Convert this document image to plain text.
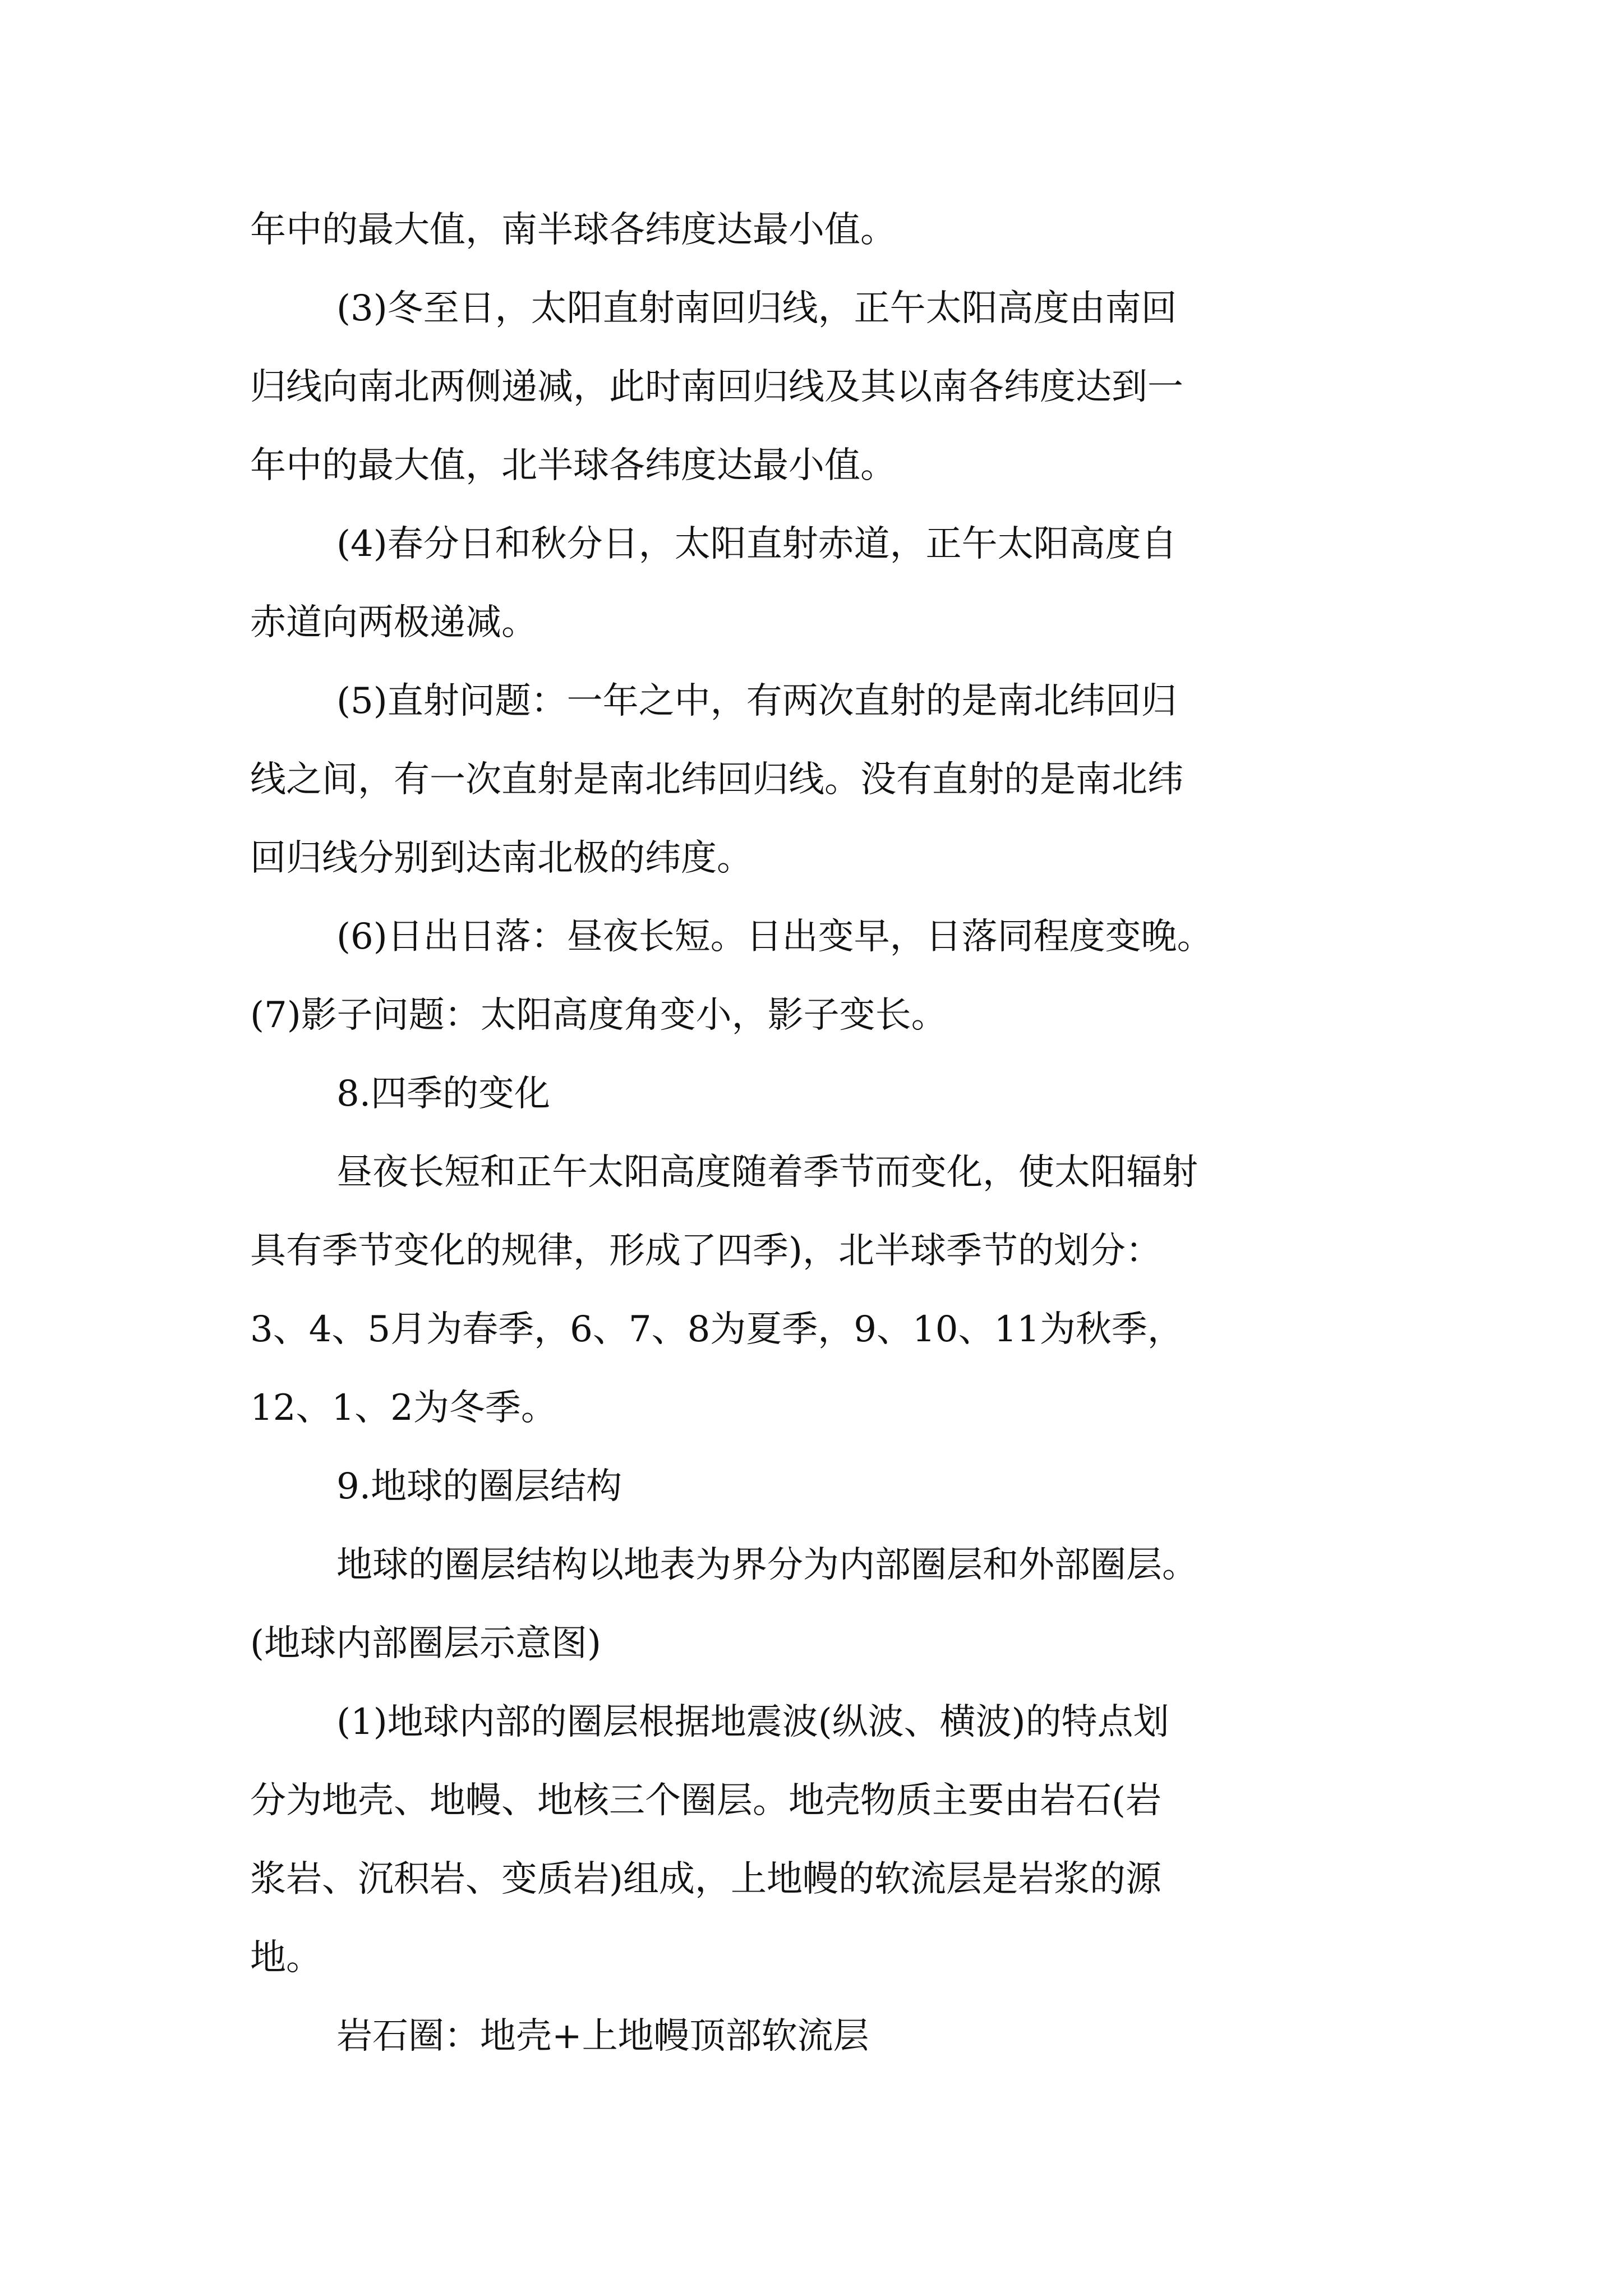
年中的最大值，南半球各纬度达最小值。
(3)冬至日，太阳直射南回归线，正午太阳高度由南回
归线向南北两侧递减，此时南回归线及其以南各纬度达到一
年中的最大值，北半球各纬度达最小值。
(4)春分日和秋分日，太阳直射赤道，正午太阳高度自
赤道向两极递减。
(5)直射问题：一年之中，有两次直射的是南北纬回归
线之间，有一次直射是南北纬回归线。没有直射的是南北纬
回归线分别到达南北极的纬度。
(6)日出日落：昼夜长短。日出变早，日落同程度变晚。
(7)影子问题：太阳高度角变小，影子变长。
8.四季的变化
昼夜长短和正午太阳高度随着季节而变化，使太阳辐射
具有季节变化的规律，形成了四季)，北半球季节的划分：
3、4、5月为春季，6、7、8为夏季，9、10、11为秋季，
12、1、2为冬季。
9.地球的圈层结构
地球的圈层结构以地表为界分为内部圈层和外部圈层。
(地球内部圈层示意图)
(1)地球内部的圈层根据地震波(纵波、横波)的特点划
分为地壳、地幔、地核三个圈层。地壳物质主要由岩石(岩
浆岩、沉积岩、变质岩)组成，上地幔的软流层是岩浆的源
地。
岩石圈：地壳+上地幔顶部软流层
